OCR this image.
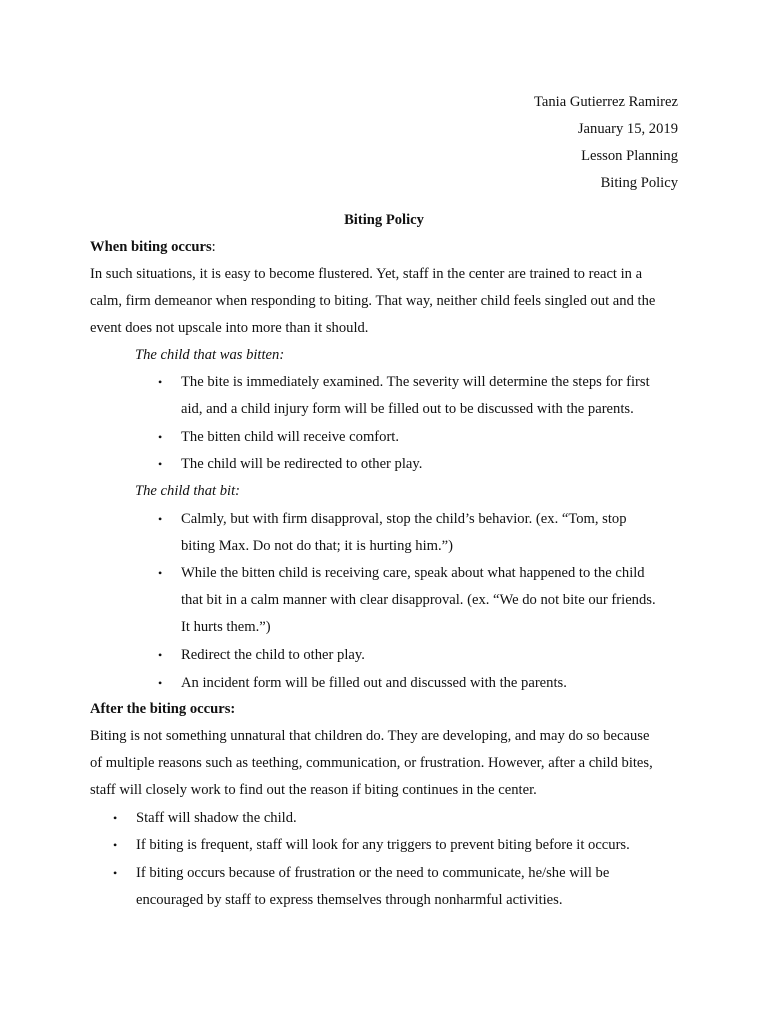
Tania Gutierrez Ramirez
January 15, 2019
Lesson Planning
Biting Policy
Biting Policy
When biting occurs:
In such situations, it is easy to become flustered. Yet, staff in the center are trained to react in a
calm, firm demeanor when responding to biting. That way, neither child feels singled out and the
event does not upscale into more than it should.
The child that was bitten:
• The bite is immediately examined. The severity will determine the steps for first
aid, and a child injury form will be filled out to be discussed with the parents.
• The bitten child will receive comfort.
• The child will be redirected to other play.
The child that bit:
• Calmly, but with firm disapproval, stop the child’s behavior. (ex. “Tom, stop
biting Max. Do not do that; it is hurting him.”)
• While the bitten child is receiving care, speak about what happened to the child
that bit in a calm manner with clear disapproval. (ex. “We do not bite our friends.
It hurts them.”)
• Redirect the child to other play.
• An incident form will be filled out and discussed with the parents.
After the biting occurs:
Biting is not something unnatural that children do. They are developing, and may do so because
of multiple reasons such as teething, communication, or frustration. However, after a child bites,
staff will closely work to find out the reason if biting continues in the center.
• Staff will shadow the child.
• If biting is frequent, staff will look for any triggers to prevent biting before it occurs.
• If biting occurs because of frustration or the need to communicate, he/she will be
encouraged by staff to express themselves through nonharmful activities.
